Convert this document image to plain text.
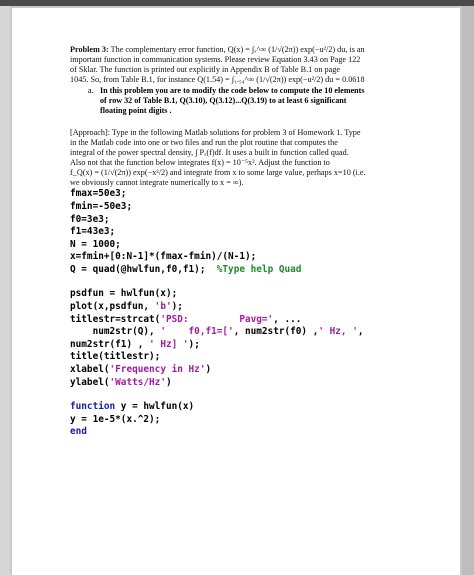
Problem 3: The complementary error function, Q(x) = ∫ₓ^∞ (1/√(2π)) exp(−u²/2) du, is an
important function in communication systems. Please review Equation 3.43 on Page 122
of Sklar. The function is printed out explicitly in Appendix B of Table B.1 on page
1045. So, from Table B.1, for instance Q(1.54) = ∫₁.₅₄^∞ (1/√(2π)) exp(−u²/2) du = 0.0618

a. In this problem you are to modify the code below to compute the 10 elements
of row 32 of Table B.1, Q(3.10), Q(3.12)...Q(3.19) to at least 6 significant
floating point digits .

[Approach]: Type in the following Matlab solutions for problem 3 of Homework 1. Type
in the Matlab code into one or two files and run the plot routine that computes the
integral of the power spectral density, ∫ Pₓ(f)df. It uses a built in function called quad.
Also not that the function below integrates f(x) = 10⁻⁵x². Adjust the function to
f_Q(x) = (1/√(2π)) exp(−x²/2) and integrate from x to some large value, perhaps x=10 (i.e.
we obviously cannot integrate numerically to x = ∞).

fmax=50e3;
fmin=-50e3;
f0=3e3;
f1=43e3;
N = 1000;
x=fmin+[0:N-1]*(fmax-fmin)/(N-1);
Q = quad(@hwlfun,f0,f1); %Type help Quad
psdfun = hwlfun(x);
plot(x,psdfun, 'b');
titlestr=strcat('PSD:         Pavg=', ...
num2str(Q), '    f0,f1=[', num2str(f0) ,' Hz, ',
num2str(f1) , ' Hz] ');
title(titlestr);
xlabel('Frequency in Hz')
ylabel('Watts/Hz')
function y = hwlfun(x)
y = 1e-5*(x.^2);
end
